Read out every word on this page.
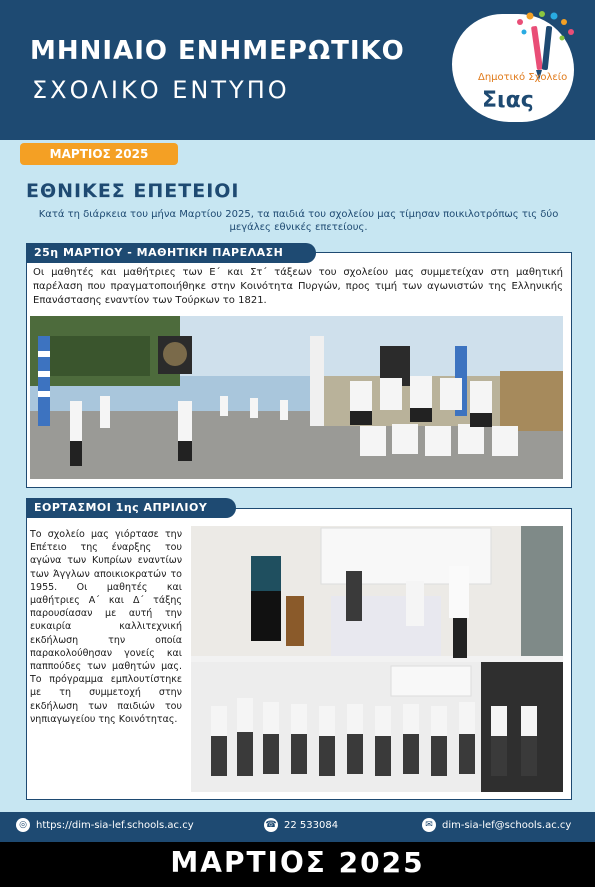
ΜΗΝΙΑΙΟ ΕΝΗΜΕΡΩΤΙΚΟ
ΣΧΟΛΙΚΟ ΕΝΤΥΠΟ	Δημοτικό Σχολείο
Σιας
ΜΑΡΤΙΟΣ 2025
ΕΘΝΙΚΕΣ ΕΠΕΤΕΙΟΙ
Κατά τη διάρκεια του μήνα Μαρτίου 2025, τα παιδιά του σχολείου μας τίμησαν ποικιλοτρόπως τις δύο μεγάλες εθνικές επετείους.
25η ΜΑΡΤΙΟΥ - ΜΑΘΗΤΙΚΗ ΠΑΡΕΛΑΣΗ
Οι μαθητές και μαθήτριες των Ε΄ και Στ΄ τάξεων του σχολείου μας συμμετείχαν στη μαθητική παρέλαση που πραγματοποιήθηκε στην Κοινότητα Πυργών, προς τιμή των αγωνιστών της Ελληνικής Επανάστασης εναντίον των Τούρκων το 1821.
ΕΟΡΤΑΣΜΟΙ 1ης ΑΠΡΙΛΙΟΥ
Το σχολείο μας γιόρτασε την Επέτειο της έναρξης του αγώνα των Κυπρίων εναντίων των Άγγλων αποικιοκρατών το 1955. Οι μαθητές και μαθήτριες Α΄ και Δ΄ τάξης παρουσίασαν με αυτή την ευκαιρία καλλιτεχνική εκδήλωση την οποία παρακολούθησαν γονείς και παππούδες των μαθητών μας. Το πρόγραμμα εμπλουτίστηκε με τη συμμετοχή στην εκδήλωση των παιδιών του νηπιαγωγείου της Κοινότητας.
◎ https://dim-sia-lef.schools.ac.cy	☎ 22 533084	✉ dim-sia-lef@schools.ac.cy
ΜΑΡΤΙΟΣ 2025
